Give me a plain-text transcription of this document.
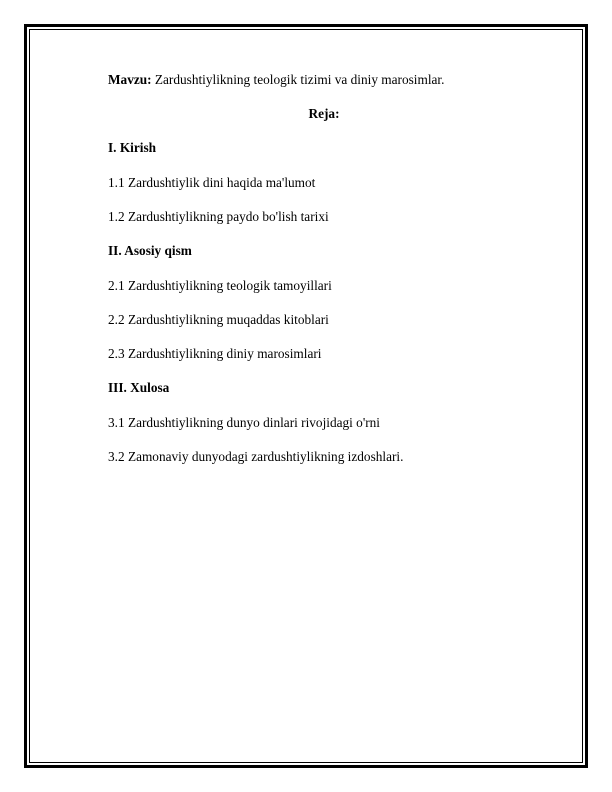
Mavzu: Zardushtiylikning teologik tizimi va diniy marosimlar.

Reja:

I. Kirish

1.1 Zardushtiylik dini haqida ma'lumot

1.2 Zardushtiylikning paydo bo'lish tarixi

II. Asosiy qism

2.1 Zardushtiylikning teologik tamoyillari

2.2 Zardushtiylikning muqaddas kitoblari

2.3 Zardushtiylikning diniy marosimlari

III. Xulosa

3.1 Zardushtiylikning dunyo dinlari rivojidagi o'rni

3.2 Zamonaviy dunyodagi zardushtiylikning izdoshlari.
